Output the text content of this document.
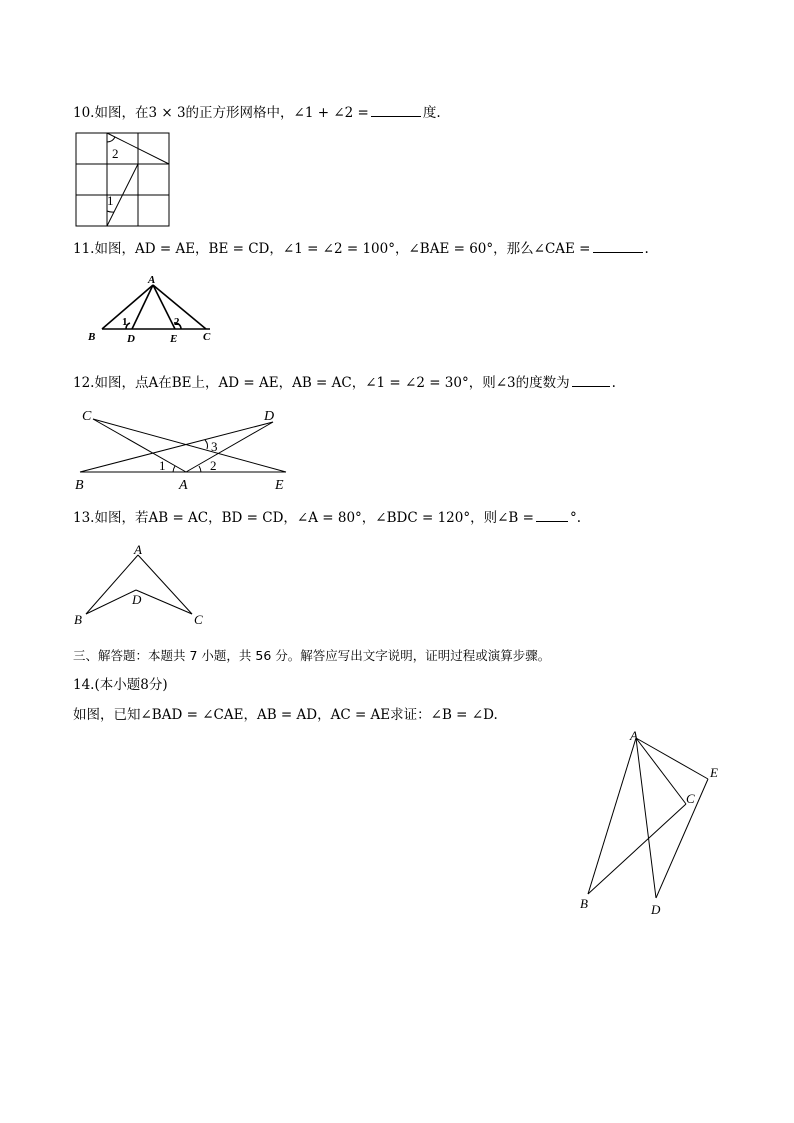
10.如图，在3 × 3的正方形网格中，∠1 + ∠2 =	度.
2
1
11.如图，AD = AE，BE = CD，∠1 = ∠2 = 100°，∠BAE = 60°，那么∠CAE =	.
A
B	D	E C
1	2
12.如图，点A在BE上，AD = AE，AB = AC，∠1 = ∠2 = 30°，则∠3的度数为	.
C	D
B	A	E
1	2
3
13.如图，若AB = AC，BD = CD，∠A = 80°，∠BDC = 120°，则∠B =	°.
A
B
D
C
三、解答题：本题共 7 小题，共 56 分。解答应写出文字说明，证明过程或演算步骤。
14.(本小题8分)
如图，已知∠BAD = ∠CAE，AB = AD，AC = AE求证：∠B = ∠D.
A
E
C
B	D
